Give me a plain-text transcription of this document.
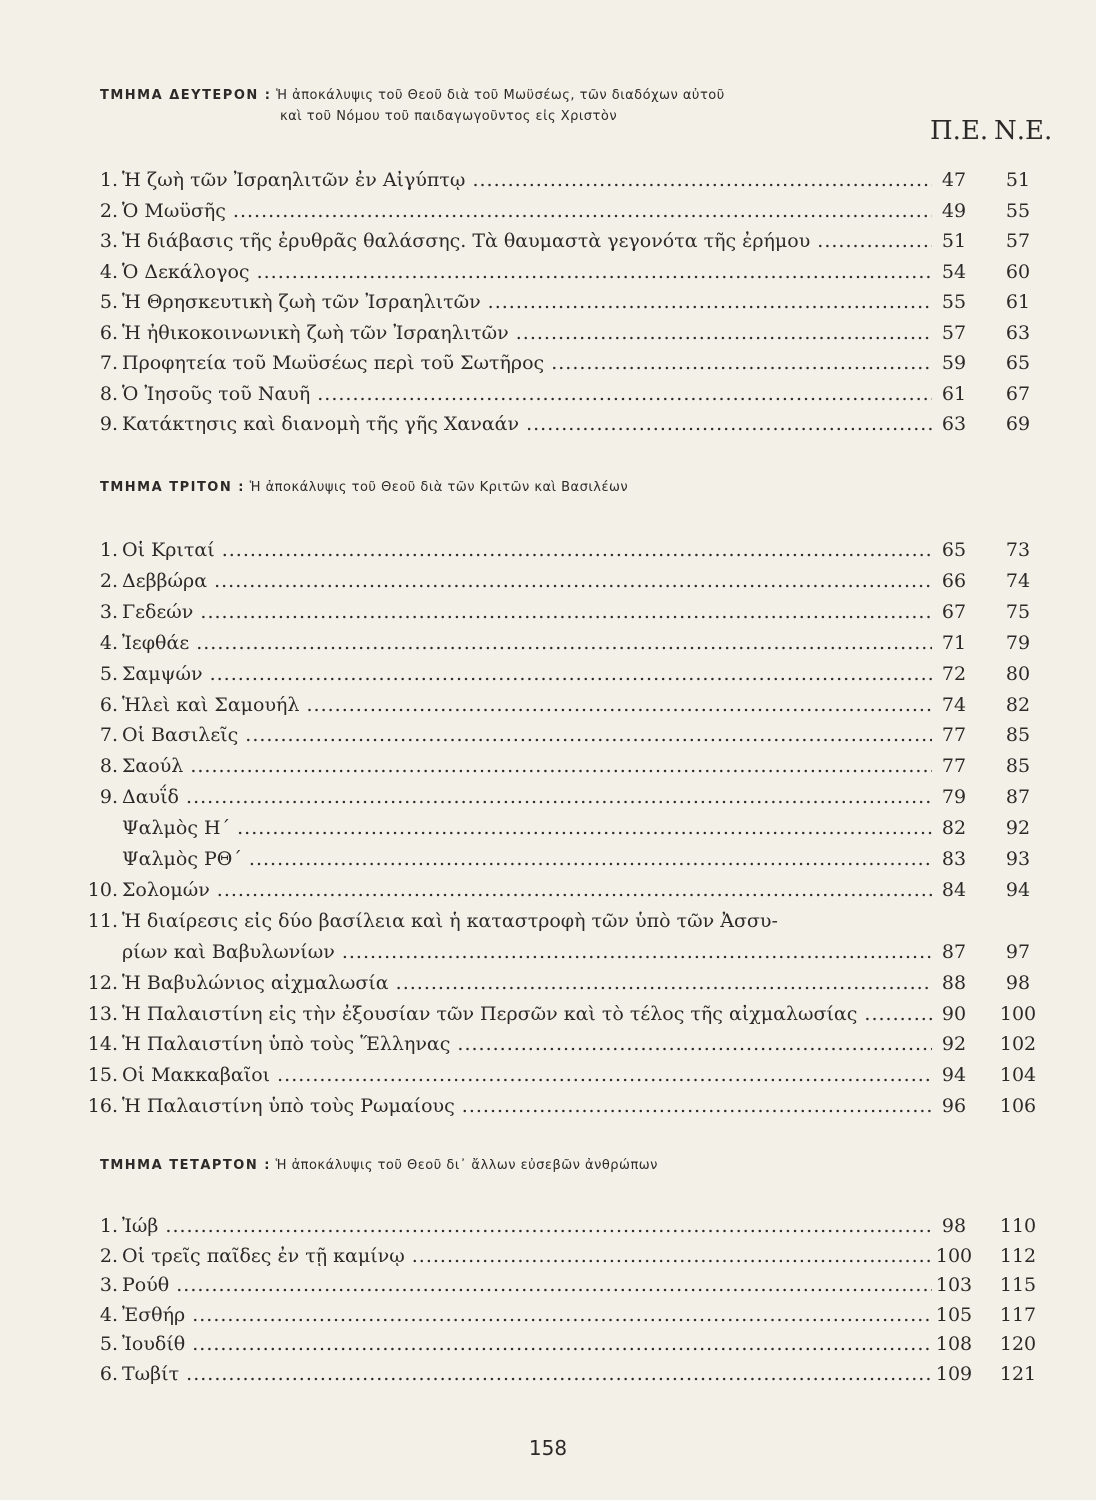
ΤΜΗΜΑ ΔΕΥΤΕΡΟΝ : Ἡ ἀποκάλυψις τοῦ Θεοῦ διὰ τοῦ Μωϋσέως, τῶν διαδόχων αὐτοῦ
καὶ τοῦ Νόμου τοῦ παιδαγωγοῦντος εἰς Χριστὸν	Π.Ε. Ν.Ε.
1. Ἡ ζωὴ τῶν Ἰσραηλιτῶν ἐν Αἰγύπτῳ .....	47	51
2. Ὁ Μωϋσῆς .....	49	55
3. Ἡ διάβασις τῆς ἐρυθρᾶς θαλάσσης. Τὰ θαυμαστὰ γεγονότα τῆς ἐρήμου .....	51	57
4. Ὁ Δεκάλογος .....	54	60
5. Ἡ Θρησκευτικὴ ζωὴ τῶν Ἰσραηλιτῶν .....	55	61
6. Ἡ ἠθικοκοινωνικὴ ζωὴ τῶν Ἰσραηλιτῶν .....	57	63
7. Προφητεία τοῦ Μωϋσέως περὶ τοῦ Σωτῆρος .....	59	65
8. Ὁ Ἰησοῦς τοῦ Ναυῆ .....	61	67
9. Κατάκτησις καὶ διανομὴ τῆς γῆς Χαναάν .....	63	69
ΤΜΗΜΑ ΤΡΙΤΟΝ : Ἡ ἀποκάλυψις τοῦ Θεοῦ διὰ τῶν Κριτῶν καὶ Βασιλέων
1. Οἱ Κριταί .....	65	73
2. Δεββώρα .....	66	74
3. Γεδεών .....	67	75
4. Ἰεφθάε .....	71	79
5. Σαμψών .....	72	80
6. Ἡλεὶ καὶ Σαμουήλ .....	74	82
7. Οἱ Βασιλεῖς .....	77	85
8. Σαούλ .....	77	85
9. Δαυΐδ .....	79	87
Ψαλμὸς Η΄ .....	82	92
Ψαλμὸς ΡΘ΄ .....	83	93
10. Σολομών .....	84	94
11. Ἡ διαίρεσις εἰς δύο βασίλεια καὶ ἡ καταστροφὴ τῶν ὑπὸ τῶν Ἀσσυ-
ρίων καὶ Βαβυλωνίων .....	87	97
12. Ἡ Βαβυλώνιος αἰχμαλωσία .....	88	98
13. Ἡ Παλαιστίνη εἰς τὴν ἐξουσίαν τῶν Περσῶν καὶ τὸ τέλος τῆς αἰχμαλωσίας .....	90	100
14. Ἡ Παλαιστίνη ὑπὸ τοὺς Ἕλληνας .....	92	102
15. Οἱ Μακκαβαῖοι .....	94	104
16. Ἡ Παλαιστίνη ὑπὸ τοὺς Ρωμαίους .....	96	106
ΤΜΗΜΑ ΤΕΤΑΡΤΟΝ : Ἡ ἀποκάλυψις τοῦ Θεοῦ δι᾿ ἄλλων εὐσεβῶν ἀνθρώπων
1. Ἰώβ .....	98	110
2. Οἱ τρεῖς παῖδες ἐν τῇ καμίνῳ .....	100	112
3. Ρούθ .....	103	115
4. Ἐσθήρ .....	105	117
5. Ἰουδίθ .....	108	120
6. Τωβίτ .....	109	121
158
